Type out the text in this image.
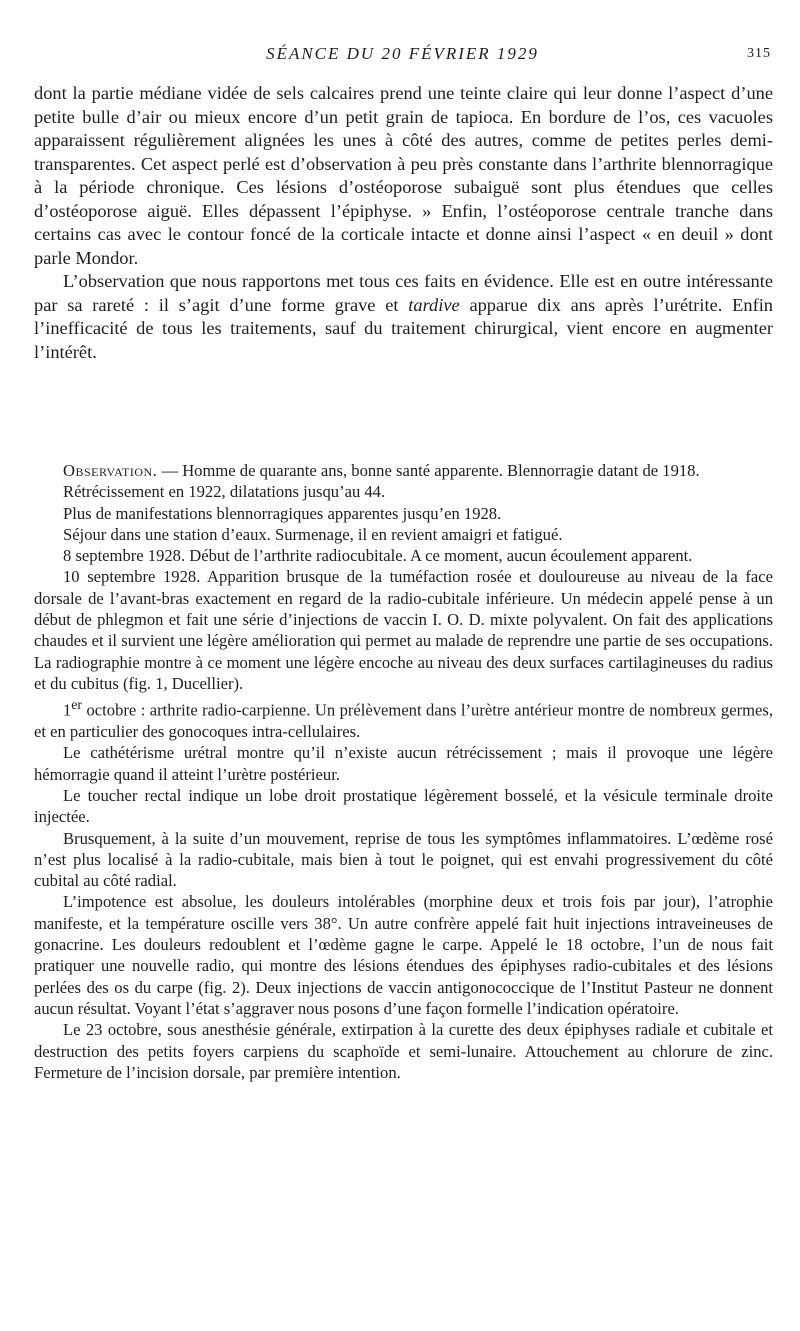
SÉANCE DU 20 FÉVRIER 1929	315

dont la partie médiane vidée de sels calcaires prend une teinte claire qui leur donne l’aspect d’une petite bulle d’air ou mieux encore d’un petit grain de tapioca. En bordure de l’os, ces vacuoles apparaissent régulièrement alignées les unes à côté des autres, comme de petites perles demi-transparentes. Cet aspect perlé est d’observation à peu près constante dans l’arthrite blennorragique à la période chronique. Ces lésions d’ostéoporose subaiguë sont plus étendues que celles d’ostéoporose aiguë. Elles dépassent l’épiphyse. » Enfin, l’ostéoporose centrale tranche dans certains cas avec le contour foncé de la corticale intacte et donne ainsi l’aspect « en deuil » dont parle Mondor.

L’observation que nous rapportons met tous ces faits en évidence. Elle est en outre intéressante par sa rareté : il s’agit d’une forme grave et tardive apparue dix ans après l’urétrite. Enfin l’inefficacité de tous les traitements, sauf du traitement chirurgical, vient encore en augmenter l’intérêt.

Observation. — Homme de quarante ans, bonne santé apparente. Blennorragie datant de 1918.

Rétrécissement en 1922, dilatations jusqu’au 44.

Plus de manifestations blennorragiques apparentes jusqu’en 1928.

Séjour dans une station d’eaux. Surmenage, il en revient amaigri et fatigué.

8 septembre 1928. Début de l’arthrite radiocubitale. A ce moment, aucun écoulement apparent.

10 septembre 1928. Apparition brusque de la tuméfaction rosée et douloureuse au niveau de la face dorsale de l’avant-bras exactement en regard de la radio-cubitale inférieure. Un médecin appelé pense à un début de phlegmon et fait une série d’injections de vaccin I. O. D. mixte polyvalent. On fait des applications chaudes et il survient une légère amélioration qui permet au malade de reprendre une partie de ses occupations. La radiographie montre à ce moment une légère encoche au niveau des deux surfaces cartilagineuses du radius et du cubitus (fig. 1, Ducellier).

1er octobre : arthrite radio-carpienne. Un prélèvement dans l’urètre antérieur montre de nombreux germes, et en particulier des gonocoques intra-cellulaires.

Le cathétérisme urétral montre qu’il n’existe aucun rétrécissement ; mais il provoque une légère hémorragie quand il atteint l’urètre postérieur.

Le toucher rectal indique un lobe droit prostatique légèrement bosselé, et la vésicule terminale droite injectée.

Brusquement, à la suite d’un mouvement, reprise de tous les symptômes inflammatoires. L’œdème rosé n’est plus localisé à la radio-cubitale, mais bien à tout le poignet, qui est envahi progressivement du côté cubital au côté radial.

L’impotence est absolue, les douleurs intolérables (morphine deux et trois fois par jour), l’atrophie manifeste, et la température oscille vers 38°. Un autre confrère appelé fait huit injections intraveineuses de gonacrine. Les douleurs redoublent et l’œdème gagne le carpe. Appelé le 18 octobre, l’un de nous fait pratiquer une nouvelle radio, qui montre des lésions étendues des épiphyses radio-cubitales et des lésions perlées des os du carpe (fig. 2). Deux injections de vaccin antigonococcique de l’Institut Pasteur ne donnent aucun résultat. Voyant l’état s’aggraver nous posons d’une façon formelle l’indication opératoire.

Le 23 octobre, sous anesthésie générale, extirpation à la curette des deux épiphyses radiale et cubitale et destruction des petits foyers carpiens du scaphoïde et semi-lunaire. Attouchement au chlorure de zinc. Fermeture de l’incision dorsale, par première intention.
